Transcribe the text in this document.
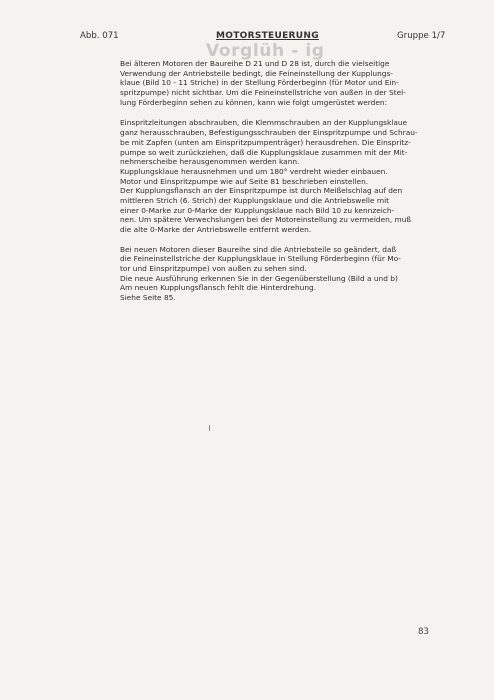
Abb. 071	MOTORSTEUERUNG	Gruppe 1/7
Vorglüh - ig
Bei älteren Motoren der Baureihe D 21 und D 28 ist, durch die vielseitige
Verwendung der Antriebsteile bedingt, die Feineinstellung der Kupplungs-
klaue (Bild 10 - 11 Striche) in der Stellung Förderbeginn (für Motor und Ein-
spritzpumpe) nicht sichtbar. Um die Feineinstellstriche von außen in der Stel-
lung Förderbeginn sehen zu können, kann wie folgt umgerüstet werden:
Einspritzleitungen abschrauben, die Klemmschrauben an der Kupplungsklaue
ganz herausschrauben, Befestigungsschrauben der Einspritzpumpe und Schrau-
be mit Zapfen (unten am Einspritzpumpenträger) herausdrehen. Die Einspritz-
pumpe so weit zurückziehen, daß die Kupplungsklaue zusammen mit der Mit-
nehmerscheibe herausgenommen werden kann.
Kupplungsklaue herausnehmen und um 180° verdreht wieder einbauen.
Motor und Einspritzpumpe wie auf Seite 81 beschrieben einstellen.
Der Kupplungsflansch an der Einspritzpumpe ist durch Meißelschlag auf den
mittleren Strich (6. Strich) der Kupplungsklaue und die Antriebswelle mit
einer 0-Marke zur 0-Marke der Kupplungsklaue nach Bild 10 zu kennzeich-
nen. Um spätere Verwechslungen bei der Motoreinstellung zu vermeiden, muß
die alte 0-Marke der Antriebswelle entfernt werden.
Bei neuen Motoren dieser Baureihe sind die Antriebsteile so geändert, daß
die Feineinstellstriche der Kupplungsklaue in Stellung Förderbeginn (für Mo-
tor und Einspritzpumpe) von außen zu sehen sind.
Die neue Ausführung erkennen Sie in der Gegenüberstellung (Bild a und b)
Am neuen Kupplungsflansch fehlt die Hinterdrehung.
Siehe Seite 85.
83
